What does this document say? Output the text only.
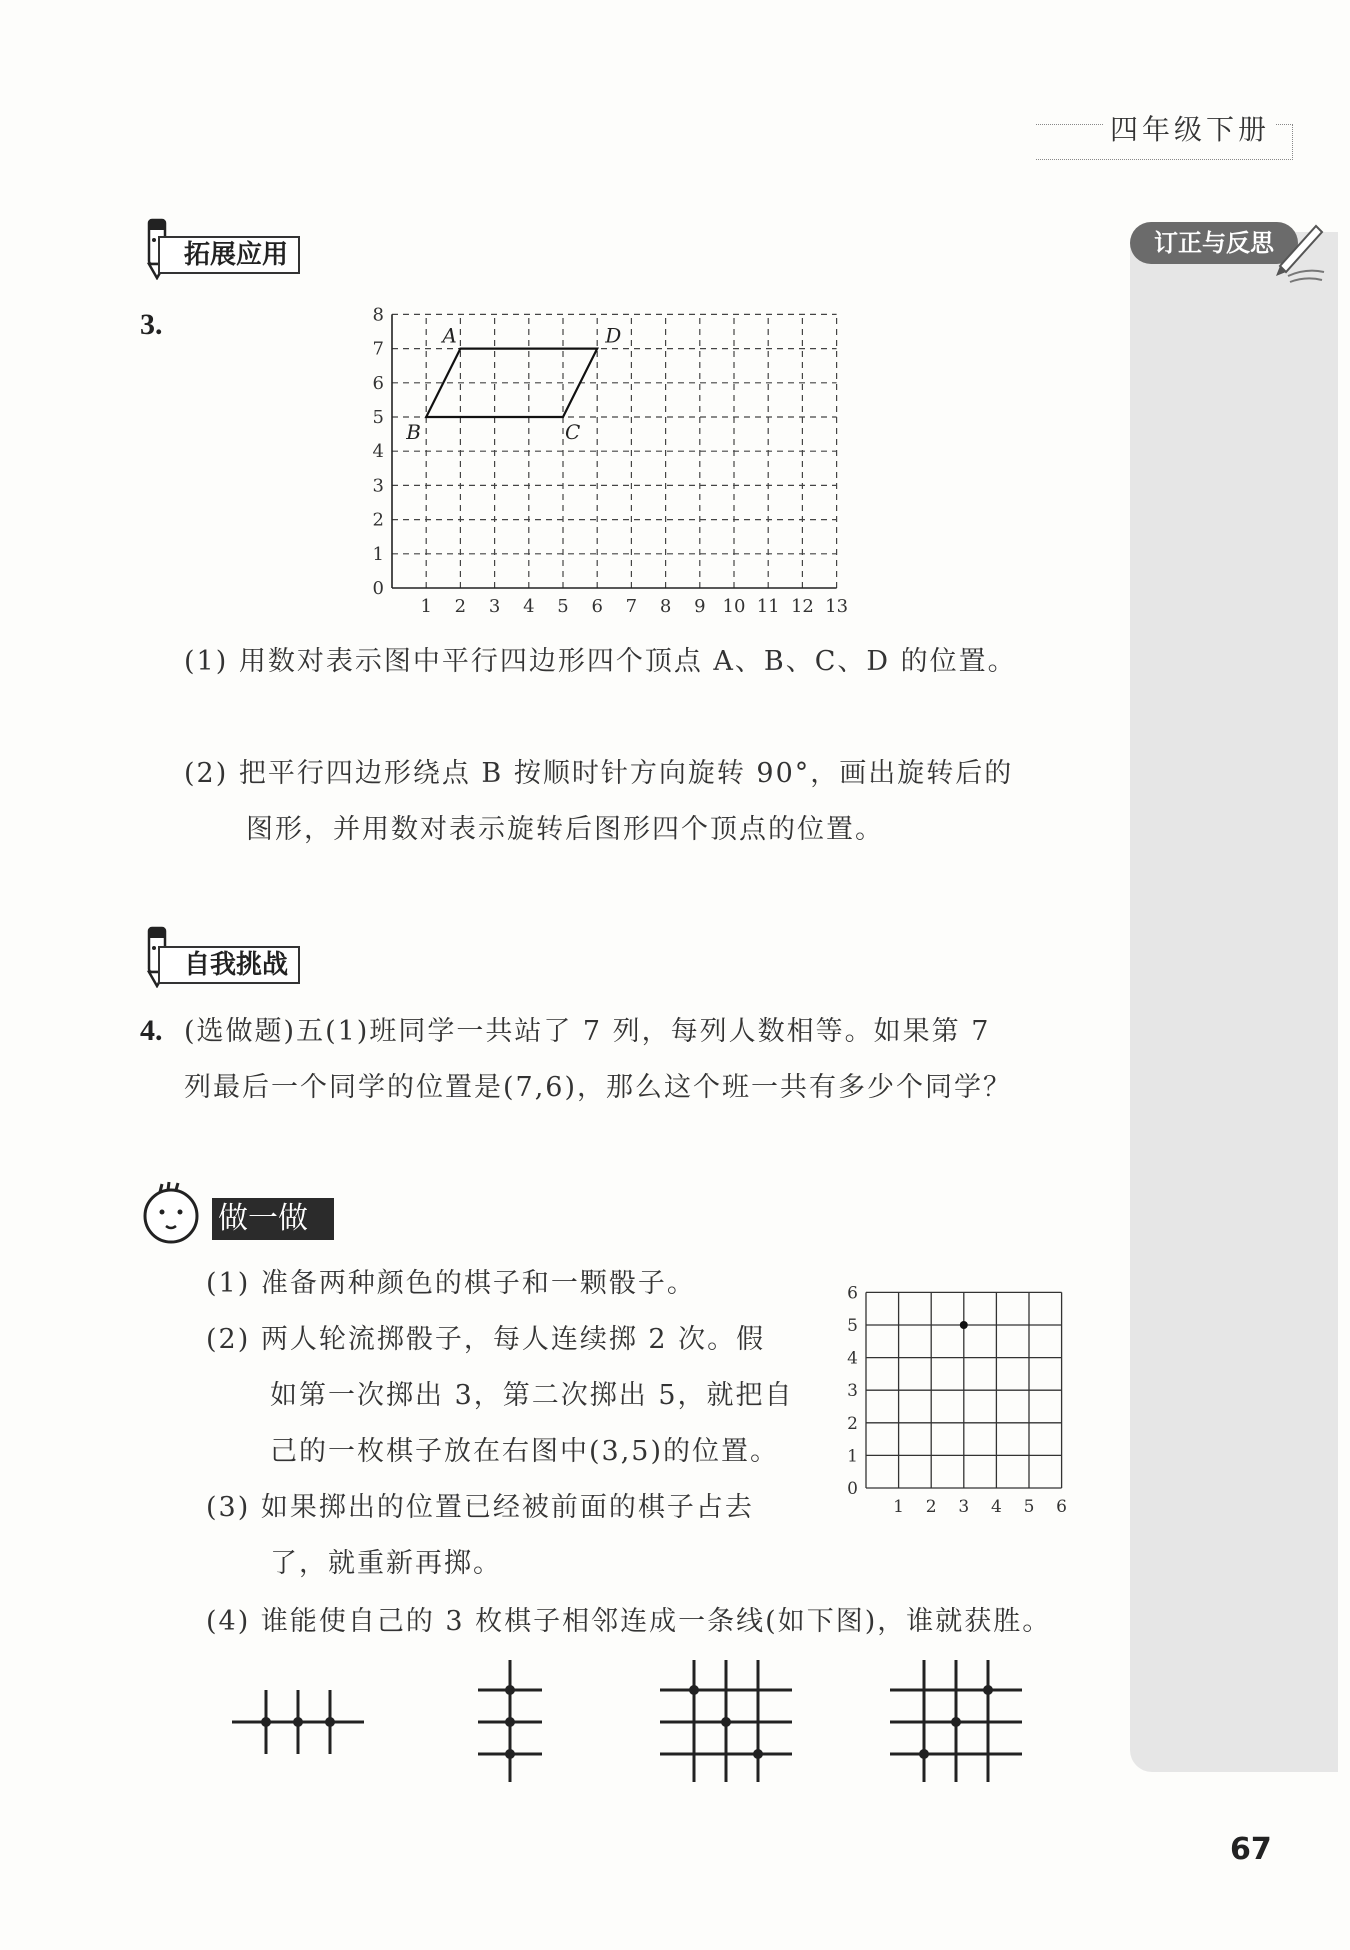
四年级下册
订正与反思
拓展应用
3.
1 2 3 4 5 6 7 8 9 10 11 12 13
0
1
2
3
4
5
6
7
8
A	D
C
B
(1) 用数对表示图中平行四边形四个顶点 A、B、C、D 的位置。
(2) 把平行四边形绕点 B 按顺时针方向旋转 90°，画出旋转后的
图形，并用数对表示旋转后图形四个顶点的位置。
自我挑战
4. (选做题)五(1)班同学一共站了 7 列，每列人数相等。如果第 7
列最后一个同学的位置是(7,6)，那么这个班一共有多少个同学？
做一做
(1) 准备两种颜色的棋子和一颗骰子。
(2) 两人轮流掷骰子，每人连续掷 2 次。假
如第一次掷出 3，第二次掷出 5，就把自
己的一枚棋子放在右图中(3,5)的位置。
(3) 如果掷出的位置已经被前面的棋子占去
了，就重新再掷。
(4) 谁能使自己的 3 枚棋子相邻连成一条线(如下图)，谁就获胜。
1 2 3 4 5 6
0
1
2
3
4
5
6
67
